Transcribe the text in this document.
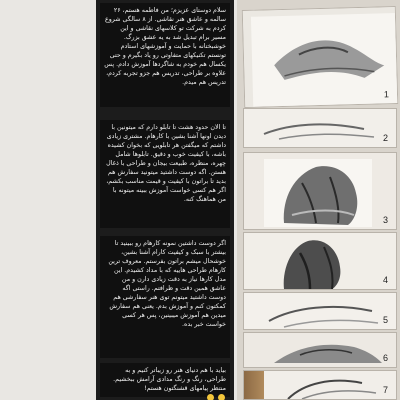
سلام دوستای عزیزم؛ من فاطمه هستم، ۲۶ سالمه و عاشق هنر نقاشی. از ۸ سالگی شروع کردم به شرکت تو کلاسهای نقاشی و این مسیر برام تبدیل شد به یه عشق بزرگ. خوشبختانه با حمایت و آموزشهای استادم تونستم تکنیکهای متفاوتی رو یاد بگیرم و حتی یکسال هم خودم به شاگردها آموزش دادم. پس علاوه بر طراحی، تدریس هم جزو تجربه کردم، تدریس هم میدم.

تا الان حدود هشت تا تابلو دارم که میتونین با دیدن اونها آشنا بشین با کارهام. مشتری زیادی داشتم که میگفتن هر تابلویی که بخوان کشیده باشه، با کیفیت خوب و دقیق. تابلوها شامل چهره، منظره، طبیعت بیجان و طراحی با ذغال هستن. اگه دوست داشتید میتونید سفارش هم بدید تا براتون با کیفیت و قیمت مناسب بکشم، اگر هم کسی خواست آموزش ببینه میتونه با من هماهنگ کنه.

اگر دوست داشتین نمونه کارهام رو ببینید تا بیشتر با سبک و کیفیت کارام آشنا بشین، خوشحال میشم براتون بفرستم. معروف ترین کارهام طراحی هاییه که با مداد کشیدم. این مدل کارها نیاز به دقت زیادی دارن و من عاشق همین دقت و ظرافتم. راستی اگه دوست داشتید میتونم توی هنر سفارشی هم کمکتون کنم و آموزش بدم. یعنی هم سفارش میدین هم آموزش میبینین، پس هر کسی خواست خبر بده.

بیاید با هم دنیای هنر رو زیباتر کنیم و به طراحی، رنگ و رنگ مدادی آرامش ببخشیم. منتظر پیامهای قشنگتون هستم!

1
2
3
4
5
6
7
